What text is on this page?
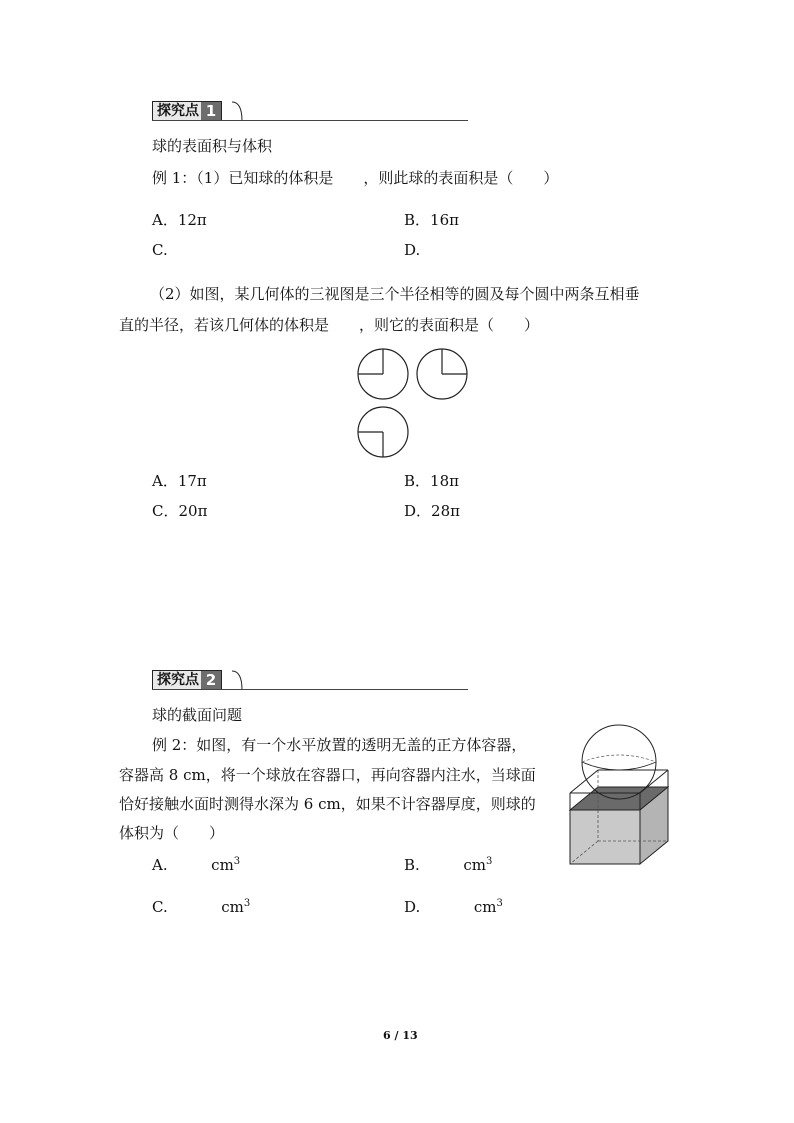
探究点 1
球的表面积与体积
例 1：（1）已知球的体积是　　，则此球的表面积是（　　）
A．12π	B．16π
C.	D.
（2）如图，某几何体的三视图是三个半径相等的圆及每个圆中两条互相垂
直的半径，若该几何体的体积是　　，则它的表面积是（　　）
A．17π	B．18π
C．20π	D．28π
探究点 2
球的截面问题
例 2：如图，有一个水平放置的透明无盖的正方体容器，
容器高 8 cm，将一个球放在容器口，再向容器内注水，当球面
恰好接触水面时测得水深为 6 cm，如果不计容器厚度，则球的
体积为（　　）
A.	$cm^3$	B.	$cm^3$
C.	$cm^3$	D.	$cm^3$
6 / 13
